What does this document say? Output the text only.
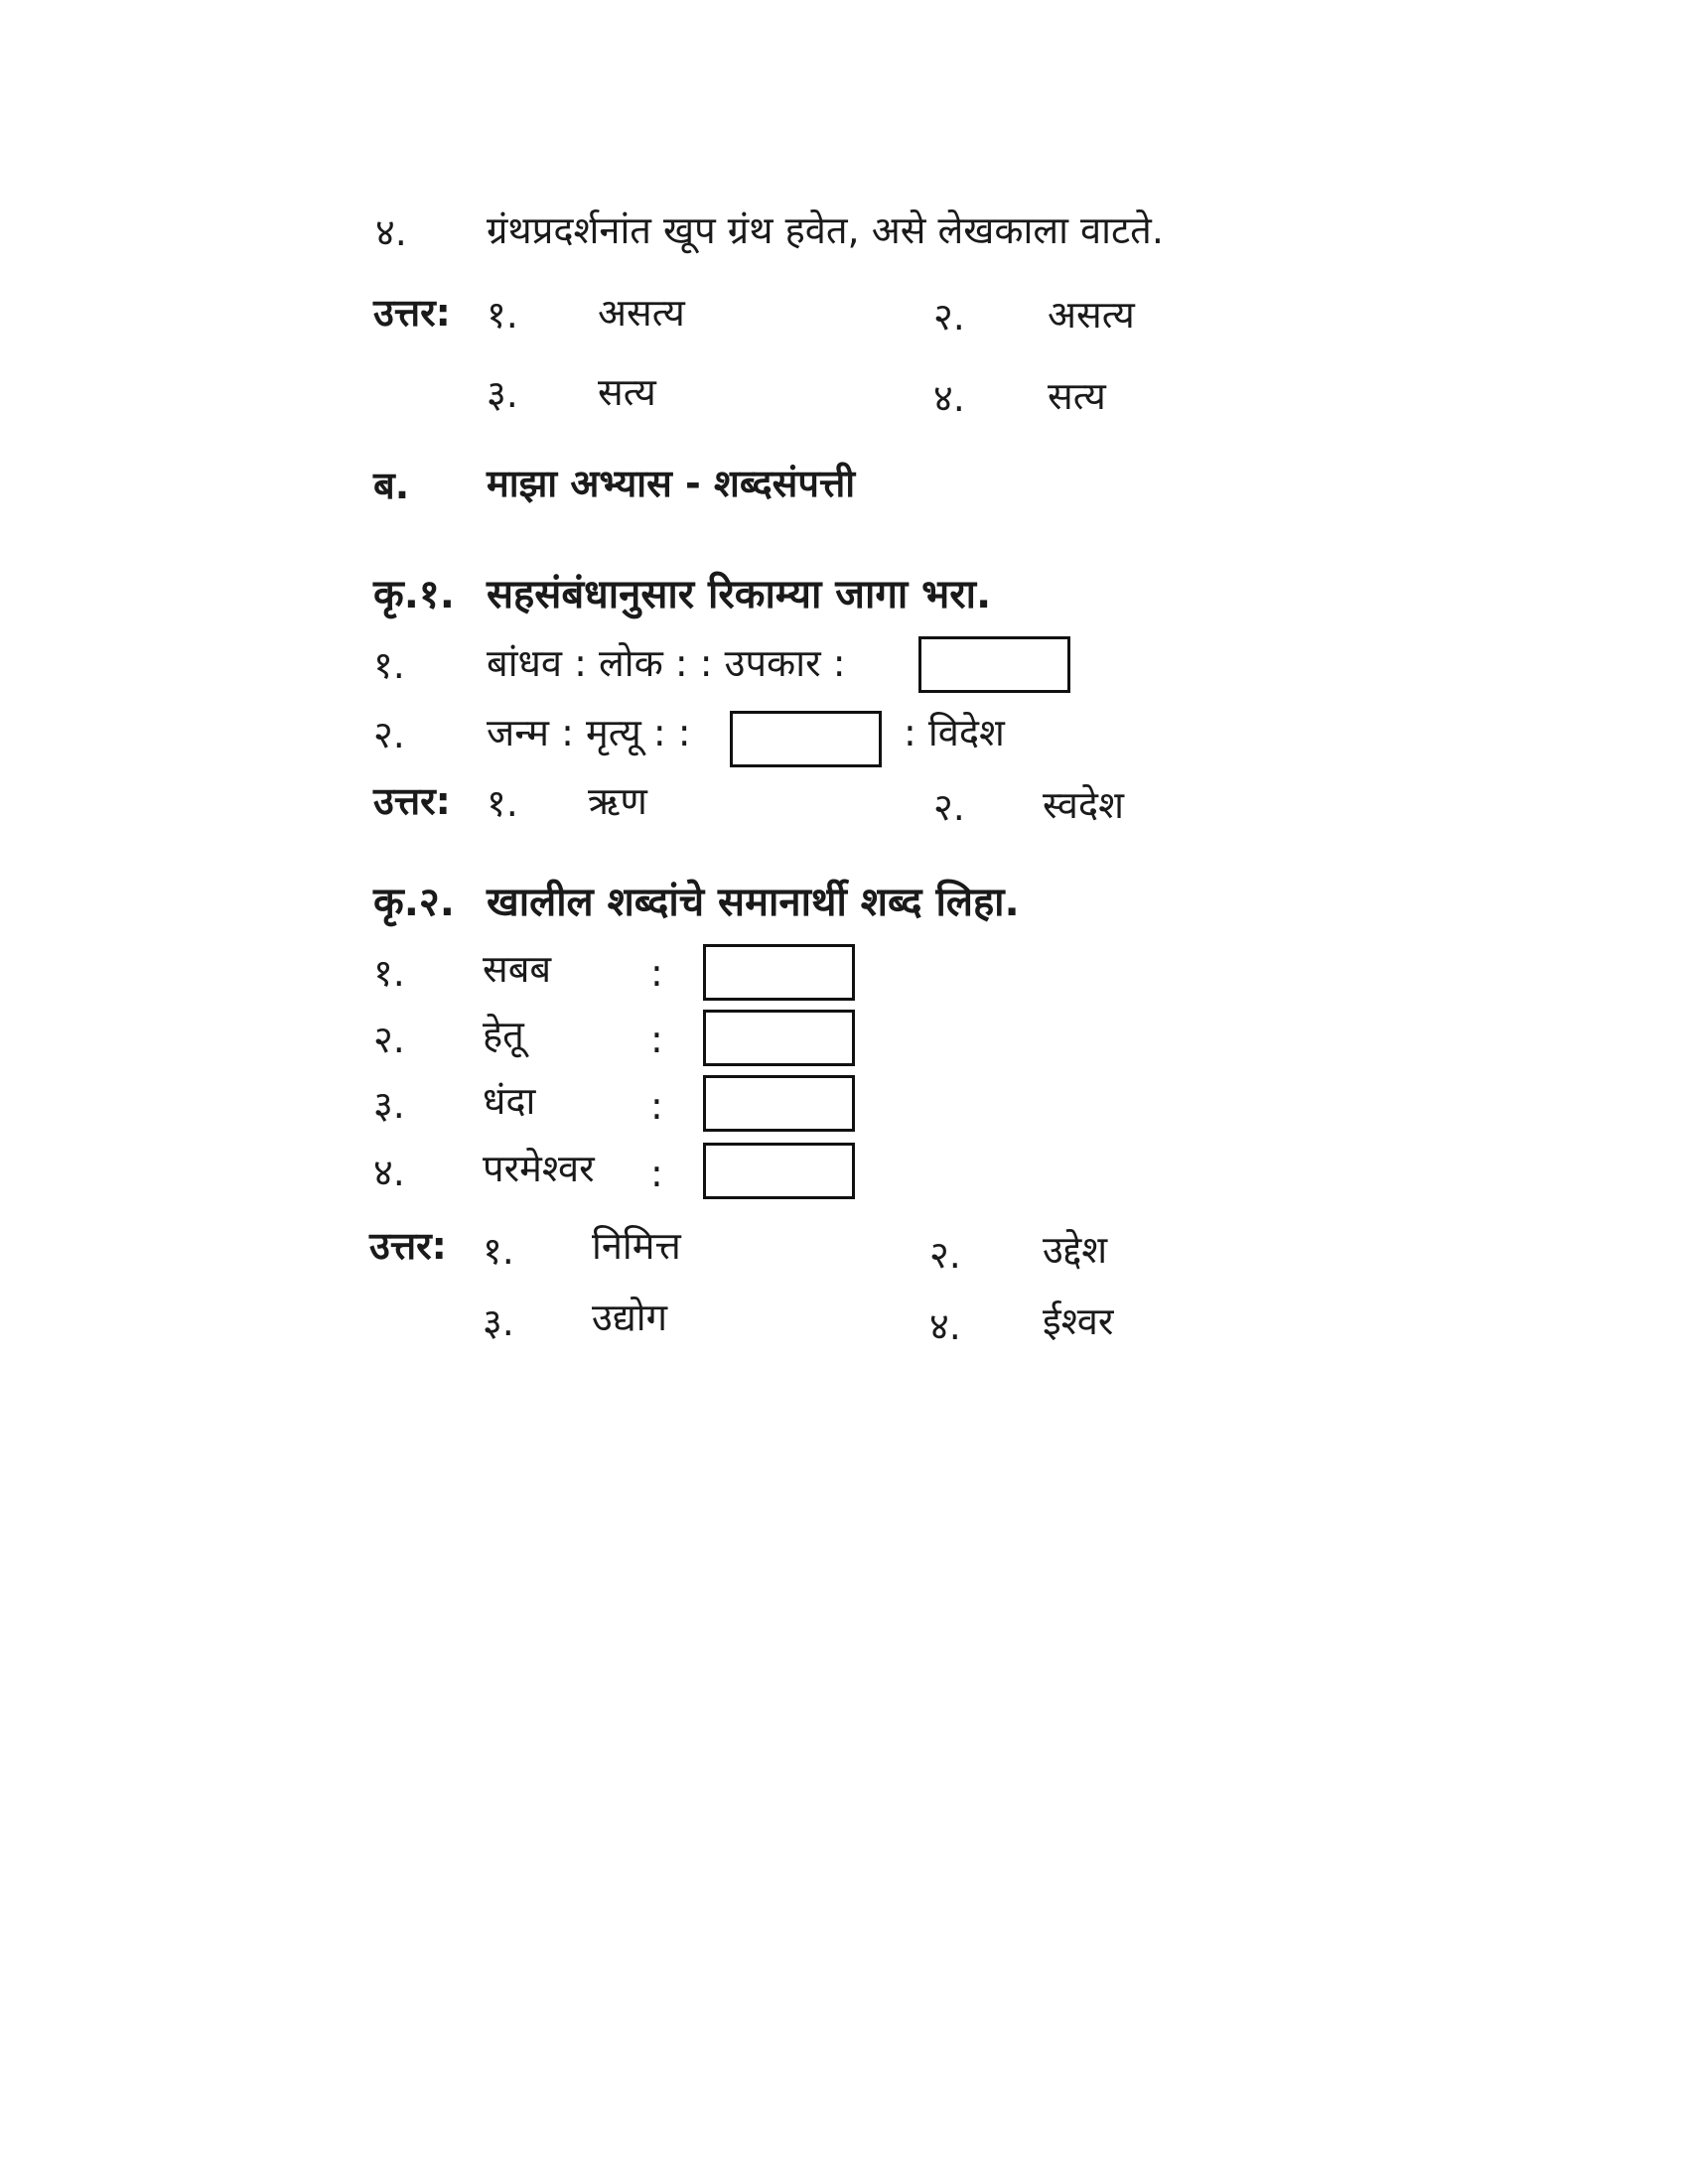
४. ग्रंथप्रदर्शनांत खूप ग्रंथ हवेत, असे लेखकाला वाटते.
उत्तर: १. असत्य	२. असत्य
३. सत्य	४. सत्य
ब. माझा अभ्यास - शब्दसंपत्ती
कृ.१. सहसंबंधानुसार रिकाम्या जागा भरा.
१. बांधव : लोक : : उपकार :
२. जन्म : मृत्यू : :	: विदेश
उत्तर: १. ऋण	२. स्वदेश
कृ.२. खालील शब्दांचे समानार्थी शब्द लिहा.
१. सबब	:
२. हेतू	:
३. धंदा	:
४. परमेश्वर :
उत्तर: १. निमित्त	२. उद्देश
३. उद्योग	४. ईश्वर
